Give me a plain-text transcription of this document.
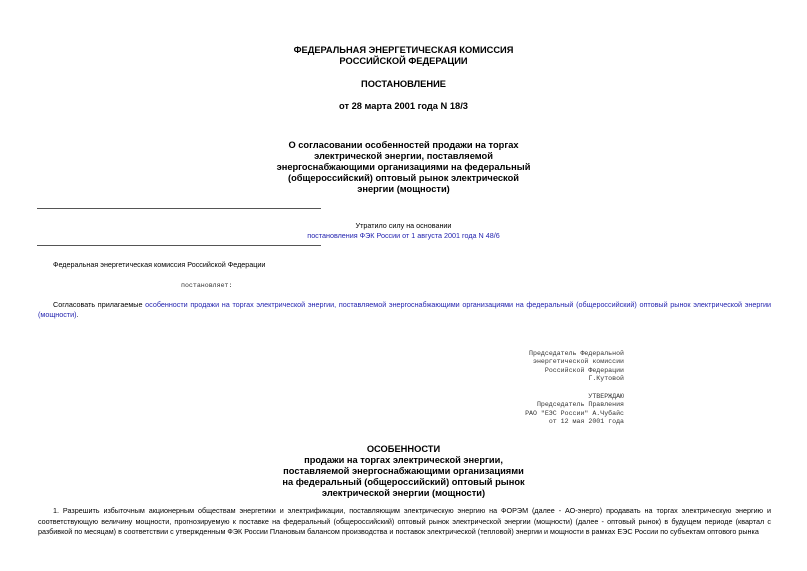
ФЕДЕРАЛЬНАЯ ЭНЕРГЕТИЧЕСКАЯ КОМИССИЯ
РОССИЙСКОЙ ФЕДЕРАЦИИ
ПОСТАНОВЛЕНИЕ
от 28 марта 2001 года N 18/3
О согласовании особенностей продажи на торгах
электрической энергии, поставляемой
энергоснабжающими организациями на федеральный
(общероссийский) оптовый рынок электрической
энергии (мощности)
Утратило силу на основании
постановления ФЭК России от 1 августа 2001 года N 48/6
Федеральная энергетическая комиссия Российской Федерации
постановляет:
Согласовать прилагаемые особенности продажи на торгах электрической энергии, поставляемой энергоснабжающими организациями на федеральный (общероссийский) оптовый рынок электрической энергии (мощности).
Председатель Федеральной
энергетической комиссии
Российской Федерации
Г.Кутовой
УТВЕРЖДАЮ
Председатель Правления
РАО "ЕЭС России" А.Чубайс
от 12 мая 2001 года
ОСОБЕННОСТИ
продажи на торгах электрической энергии,
поставляемой энергоснабжающими организациями
на федеральный (общероссийский) оптовый рынок
электрической энергии (мощности)
1. Разрешить избыточным акционерным обществам энергетики и электрификации, поставляющим электрическую энергию на ФОРЭМ (далее - АО-энерго) продавать на торгах электрическую энергию и соответствующую величину мощности, прогнозируемую к поставке на федеральный (общероссийский) оптовый рынок электрической энергии (мощности) (далее - оптовый рынок) в будущем периоде (квартал с разбивкой по месяцам) в соответствии с утвержденным ФЭК России Плановым балансом производства и поставок электрической (тепловой) энергии и мощности в рамках ЕЭС России по субъектам оптового рынка
